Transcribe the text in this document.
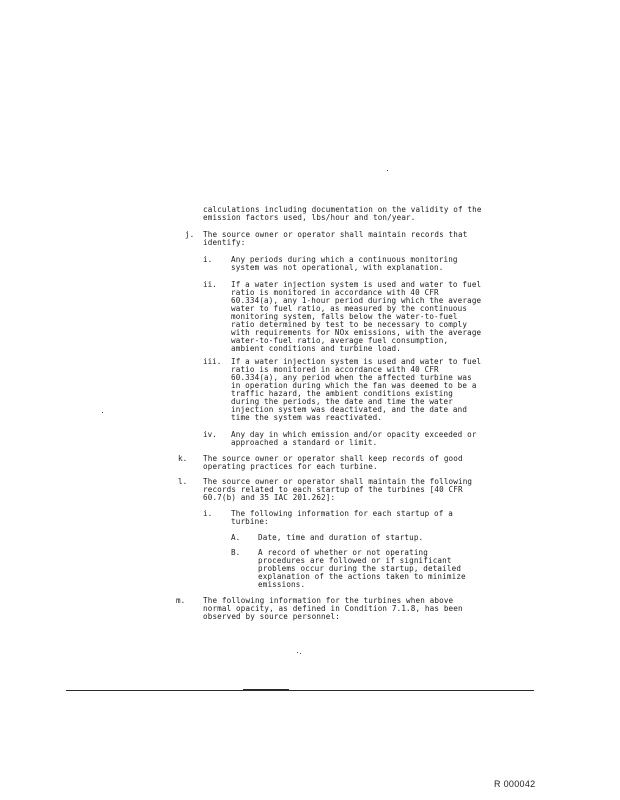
calculations including documentation on the validity of the
emission factors used, lbs/hour and ton/year.
j. The source owner or operator shall maintain records that
identify:
i. Any periods during which a continuous monitoring
system was not operational, with explanation.
ii. If a water injection system is used and water to fuel
ratio is monitored in accordance with 40 CFR
60.334(a), any 1-hour period during which the average
water to fuel ratio, as measured by the continuous
monitoring system, falls below the water-to-fuel
ratio determined by test to be necessary to comply
with requirements for NOx emissions, with the average
water-to-fuel ratio, average fuel consumption,
ambient conditions and turbine load.
iii. If a water injection system is used and water to fuel
ratio is monitored in accordance with 40 CFR
60.334(a), any period when the affected turbine was
in operation during which the fan was deemed to be a
traffic hazard, the ambient conditions existing
during the periods, the date and time the water
injection system was deactivated, and the date and
time the system was reactivated.
iv. Any day in which emission and/or opacity exceeded or
approached a standard or limit.
k. The source owner or operator shall keep records of good
operating practices for each turbine.
l. The source owner or operator shall maintain the following
records related to each startup of the turbines [40 CFR
60.7(b) and 35 IAC 201.262]:
i. The following information for each startup of a
turbine:
A. Date, time and duration of startup.
B. A record of whether or not operating
procedures are followed or if significant
problems occur during the startup, detailed
explanation of the actions taken to minimize
emissions.
m. The following information for the turbines when above
normal opacity, as defined in Condition 7.1.8, has been
observed by source personnel:
R 000042
